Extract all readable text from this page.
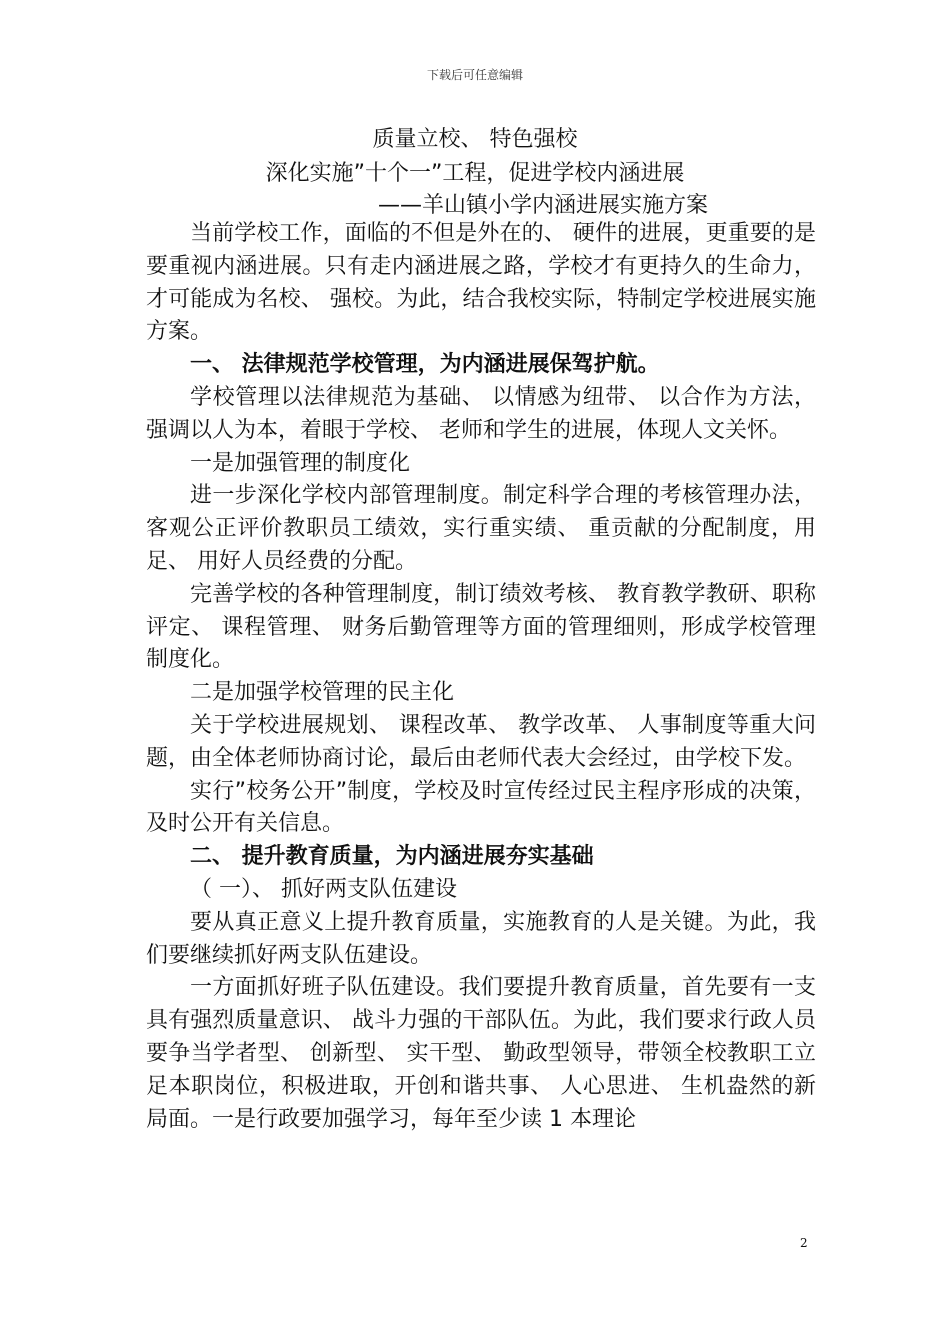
下载后可任意编辑
质量立校、 特色强校
深化实施”十个一”工程，促进学校内涵进展
——羊山镇小学内涵进展实施方案

当前学校工作，面临的不但是外在的、 硬件的进展，更重要的是要重视内涵进展。只有走内涵进展之路，学校才有更持久的生命力，才可能成为名校、 强校。为此，结合我校实际，特制定学校进展实施方案。

一、 法律规范学校管理，为内涵进展保驾护航。

学校管理以法律规范为基础、 以情感为纽带、 以合作为方法，强调以人为本，着眼于学校、 老师和学生的进展，体现人文关怀。

一是加强管理的制度化

进一步深化学校内部管理制度。制定科学合理的考核管理办法，客观公正评价教职员工绩效，实行重实绩、 重贡献的分配制度，用足、 用好人员经费的分配。

完善学校的各种管理制度，制订绩效考核、 教育教学教研、职称评定、 课程管理、 财务后勤管理等方面的管理细则，形成学校管理制度化。

二是加强学校管理的民主化

关于学校进展规划、 课程改革、 教学改革、 人事制度等重大问题，由全体老师协商讨论，最后由老师代表大会经过，由学校下发。

实行”校务公开”制度，学校及时宣传经过民主程序形成的决策，及时公开有关信息。

二、 提升教育质量，为内涵进展夯实基础

（ 一）、 抓好两支队伍建设

要从真正意义上提升教育质量，实施教育的人是关键。为此，我们要继续抓好两支队伍建设。

一方面抓好班子队伍建设。我们要提升教育质量，首先要有一支具有强烈质量意识、 战斗力强的干部队伍。为此，我们要求行政人员要争当学者型、 创新型、 实干型、 勤政型领导，带领全校教职工立足本职岗位，积极进取，开创和谐共事、 人心思进、 生机盎然的新局面。一是行政要加强学习，每年至少读 1 本理论

2
